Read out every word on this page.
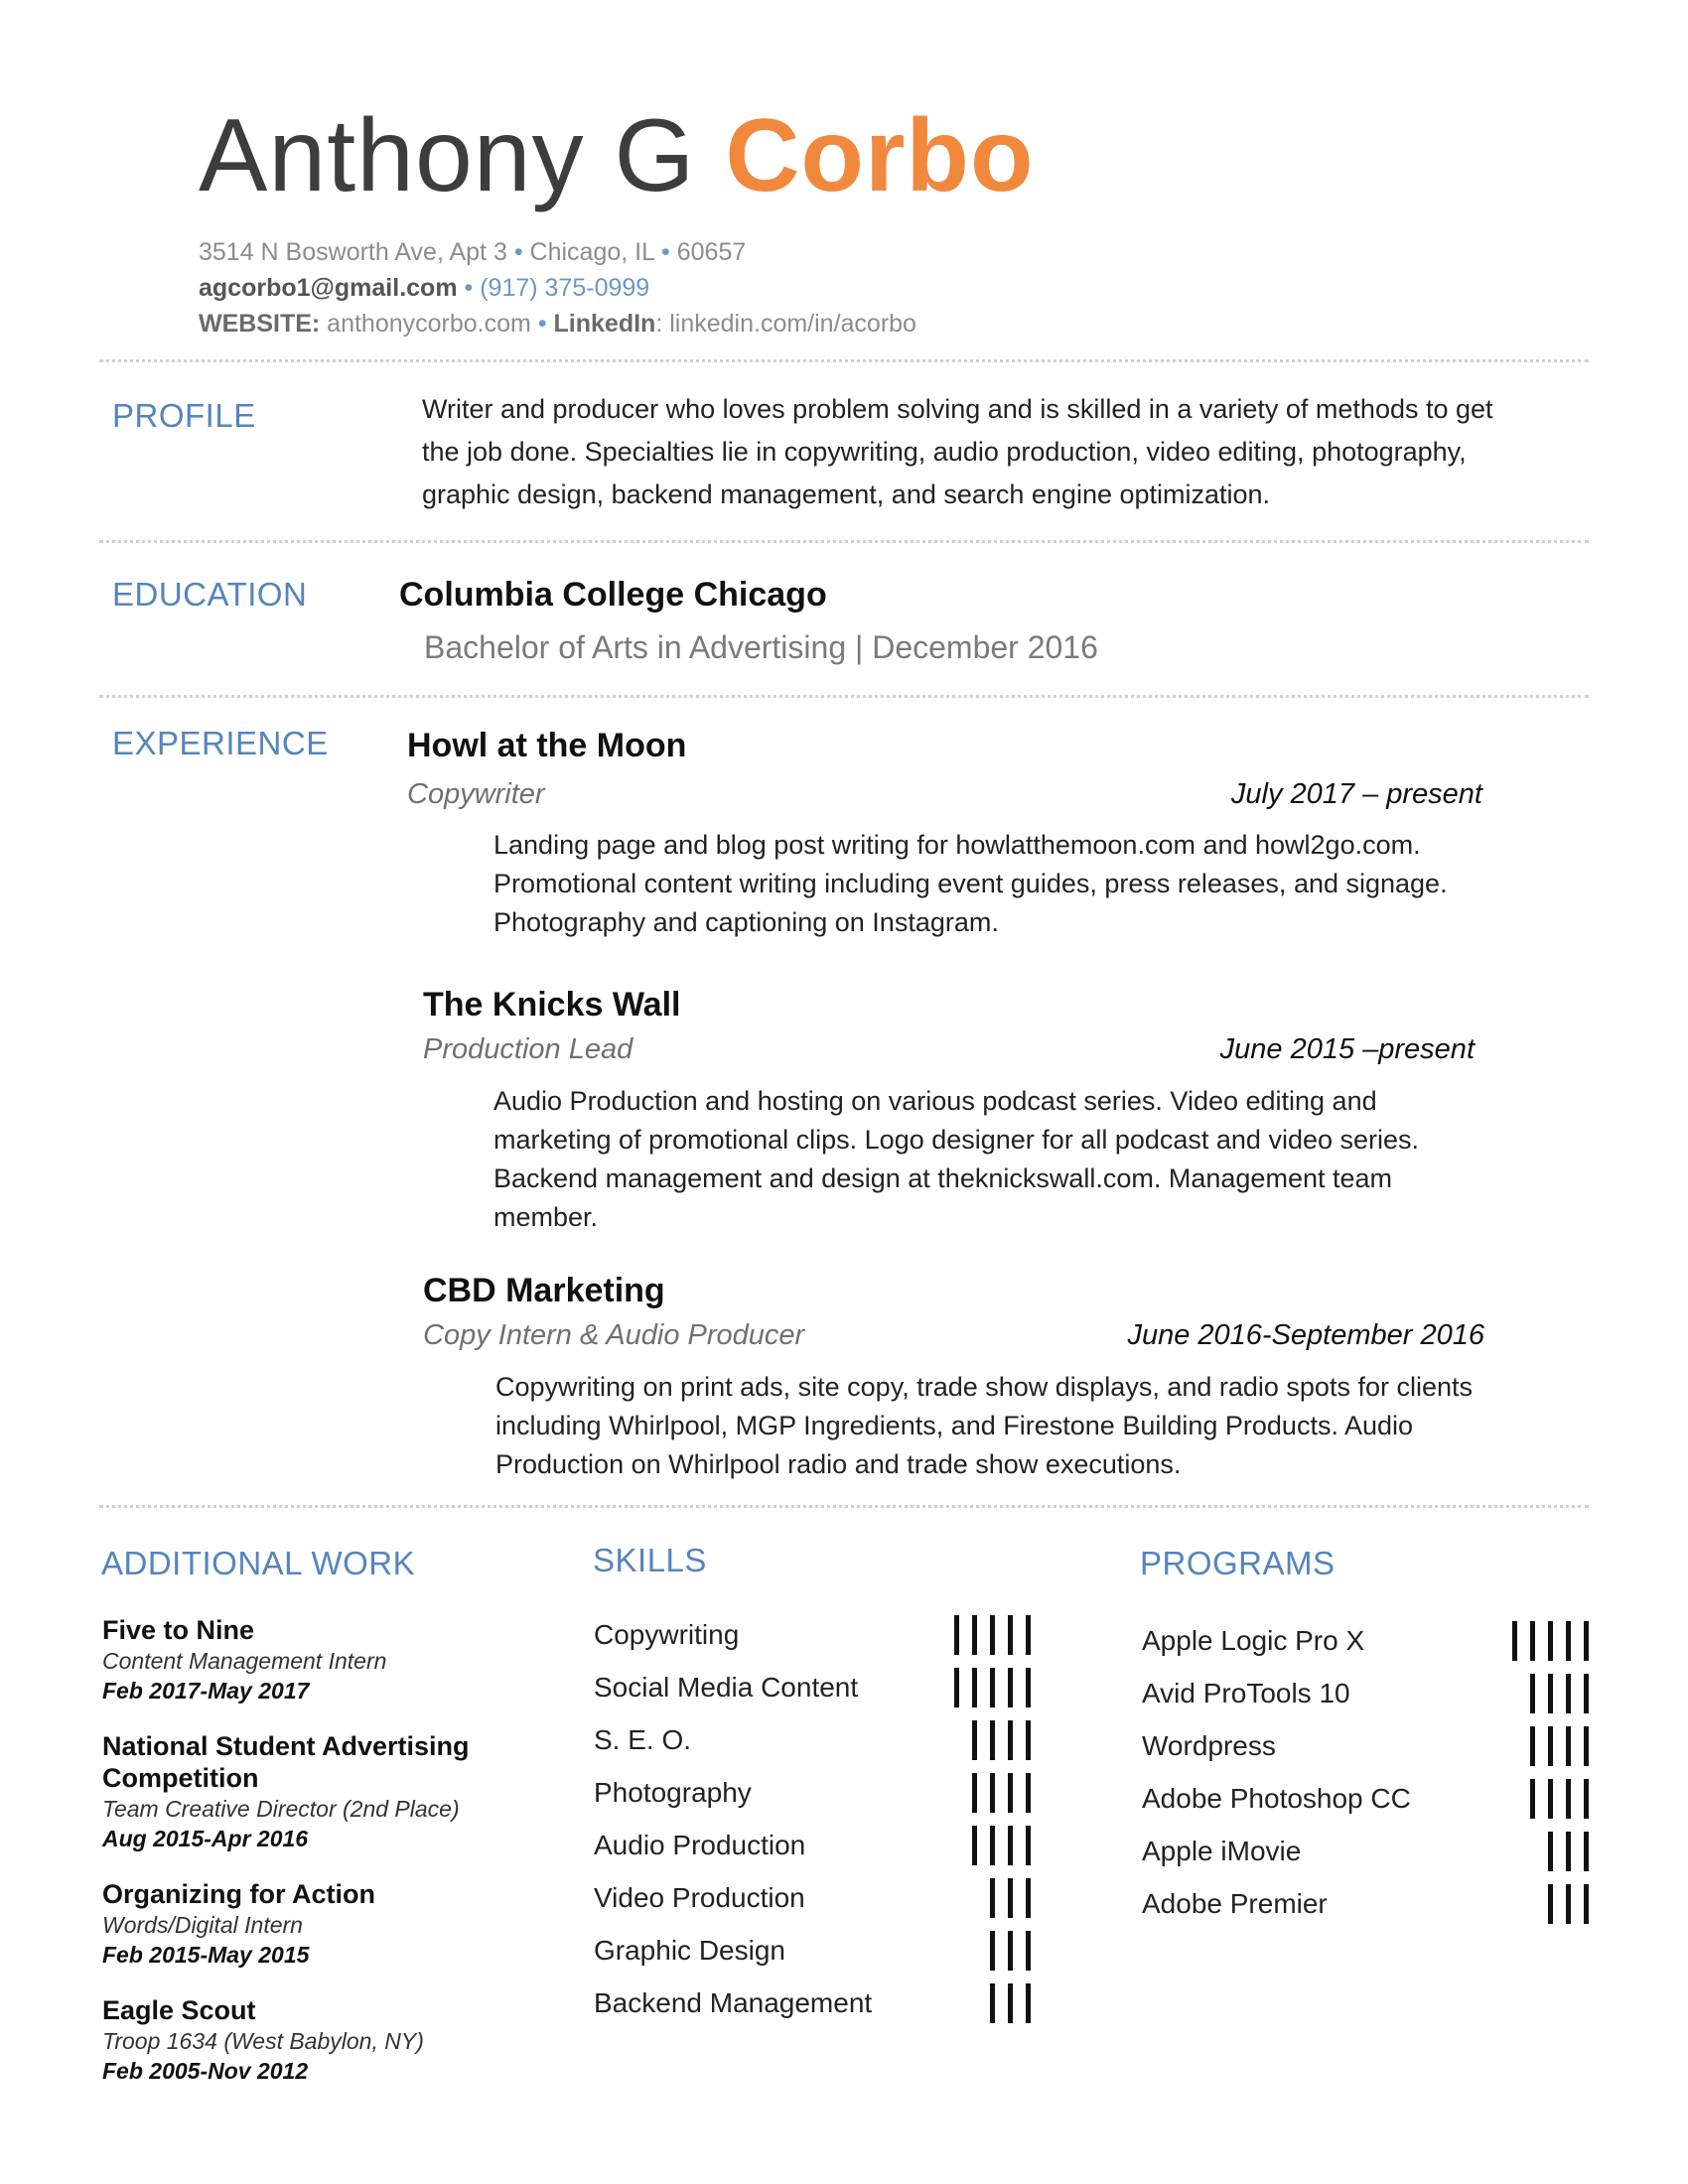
Anthony G Corbo
3514 N Bosworth Ave, Apt 3 • Chicago, IL • 60657
agcorbo1@gmail.com • (917) 375-0999
WEBSITE: anthonycorbo.com • LinkedIn: linkedin.com/in/acorbo
PROFILE	Writer and producer who loves problem solving and is skilled in a variety of methods to get the job done. Specialties lie in copywriting, audio production, video editing, photography, graphic design, backend management, and search engine optimization.
EDUCATION	Columbia College Chicago
Bachelor of Arts in Advertising | December 2016
EXPERIENCE Howl at the Moon
Copywriter	July 2017 – present
Landing page and blog post writing for howlatthemoon.com and howl2go.com. Promotional content writing including event guides, press releases, and signage. Photography and captioning on Instagram.
The Knicks Wall
Production Lead	June 2015 –present
Audio Production and hosting on various podcast series. Video editing and marketing of promotional clips. Logo designer for all podcast and video series. Backend management and design at theknickswall.com. Management team member.
CBD Marketing
Copy Intern & Audio Producer	June 2016-September 2016
Copywriting on print ads, site copy, trade show displays, and radio spots for clients including Whirlpool, MGP Ingredients, and Firestone Building Products. Audio Production on Whirlpool radio and trade show executions.
ADDITIONAL WORK
Five to Nine
Content Management Intern
Feb 2017-May 2017
National Student Advertising Competition
Team Creative Director (2nd Place)
Aug 2015-Apr 2016
Organizing for Action
Words/Digital Intern
Feb 2015-May 2015
Eagle Scout
Troop 1634 (West Babylon, NY)
Feb 2005-Nov 2012
SKILLS
Copywriting
Social Media Content
S. E. O.
Photography
Audio Production
Video Production
Graphic Design
Backend Management
PROGRAMS
Apple Logic Pro X
Avid ProTools 10
Wordpress
Adobe Photoshop CC
Apple iMovie
Adobe Premier
